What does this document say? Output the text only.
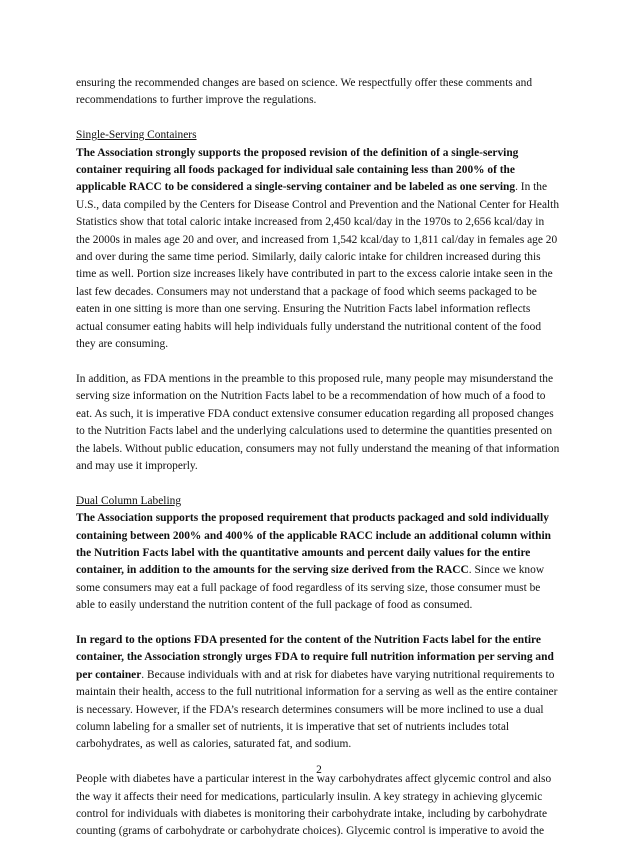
ensuring the recommended changes are based on science. We respectfully offer these comments and
recommendations to further improve the regulations.
Single-Serving Containers
The Association strongly supports the proposed revision of the definition of a single-serving
container requiring all foods packaged for individual sale containing less than 200% of the
applicable RACC to be considered a single-serving container and be labeled as one serving. In the
U.S., data compiled by the Centers for Disease Control and Prevention and the National Center for Health
Statistics show that total caloric intake increased from 2,450 kcal/day in the 1970s to 2,656 kcal/day in
the 2000s in males age 20 and over, and increased from 1,542 kcal/day to 1,811 cal/day in females age 20
and over during the same time period. Similarly, daily caloric intake for children increased during this
time as well. Portion size increases likely have contributed in part to the excess calorie intake seen in the
last few decades. Consumers may not understand that a package of food which seems packaged to be
eaten in one sitting is more than one serving. Ensuring the Nutrition Facts label information reflects
actual consumer eating habits will help individuals fully understand the nutritional content of the food
they are consuming.
In addition, as FDA mentions in the preamble to this proposed rule, many people may misunderstand the
serving size information on the Nutrition Facts label to be a recommendation of how much of a food to
eat. As such, it is imperative FDA conduct extensive consumer education regarding all proposed changes
to the Nutrition Facts label and the underlying calculations used to determine the quantities presented on
the labels. Without public education, consumers may not fully understand the meaning of that information
and may use it improperly.
Dual Column Labeling
The Association supports the proposed requirement that products packaged and sold individually
containing between 200% and 400% of the applicable RACC include an additional column within
the Nutrition Facts label with the quantitative amounts and percent daily values for the entire
container, in addition to the amounts for the serving size derived from the RACC. Since we know
some consumers may eat a full package of food regardless of its serving size, those consumer must be
able to easily understand the nutrition content of the full package of food as consumed.
In regard to the options FDA presented for the content of the Nutrition Facts label for the entire
container, the Association strongly urges FDA to require full nutrition information per serving and
per container. Because individuals with and at risk for diabetes have varying nutritional requirements to
maintain their health, access to the full nutritional information for a serving as well as the entire container
is necessary. However, if the FDA’s research determines consumers will be more inclined to use a dual
column labeling for a smaller set of nutrients, it is imperative that set of nutrients includes total
carbohydrates, as well as calories, saturated fat, and sodium.
People with diabetes have a particular interest in the way carbohydrates affect glycemic control and also
the way it affects their need for medications, particularly insulin. A key strategy in achieving glycemic
control for individuals with diabetes is monitoring their carbohydrate intake, including by carbohydrate
counting (grams of carbohydrate or carbohydrate choices). Glycemic control is imperative to avoid the
2
